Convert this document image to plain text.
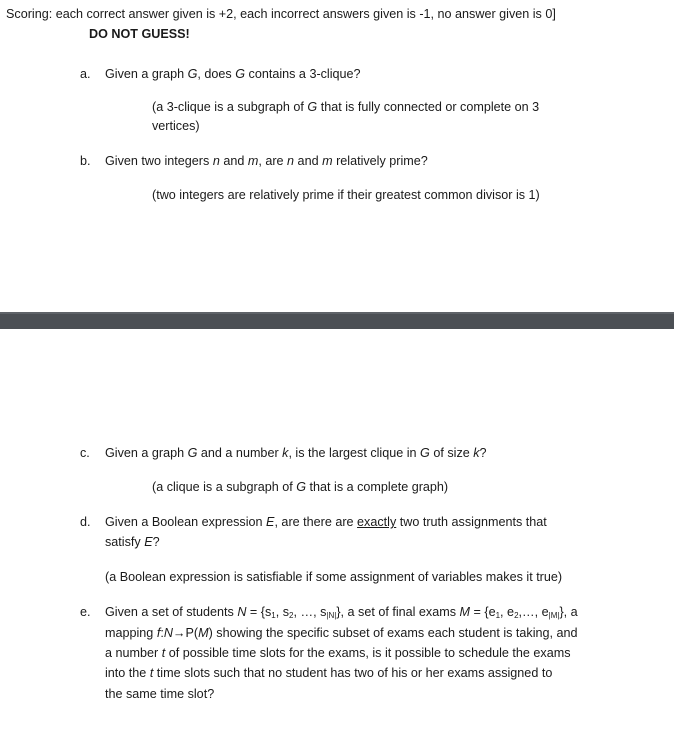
Scoring: each correct answer given is +2, each incorrect answers given is -1, no answer given is 0]
DO NOT GUESS!
a.	Given a graph G, does G contains a 3-clique?
(a 3-clique is a subgraph of G that is fully connected or complete on 3
vertices)
b.	Given two integers n and m, are n and m relatively prime?
(two integers are relatively prime if their greatest common divisor is 1)
c.	Given a graph G and a number k, is the largest clique in G of size k?
(a clique is a subgraph of G that is a complete graph)
d.	Given a Boolean expression E, are there are exactly two truth assignments that
satisfy E?
(a Boolean expression is satisfiable if some assignment of variables makes it true)
e.	Given a set of students $N = \{s_1$, $s_2$, …, $s_{|N|}$}, a set of final exams $M = \{e_1$, $e_2,\dots$, $e_{|M|}$}, a
mapping f:N→P(M) showing the specific subset of exams each student is taking, and
a number t of possible time slots for the exams, is it possible to schedule the exams
into the t time slots such that no student has two of his or her exams assigned to
the same time slot?
